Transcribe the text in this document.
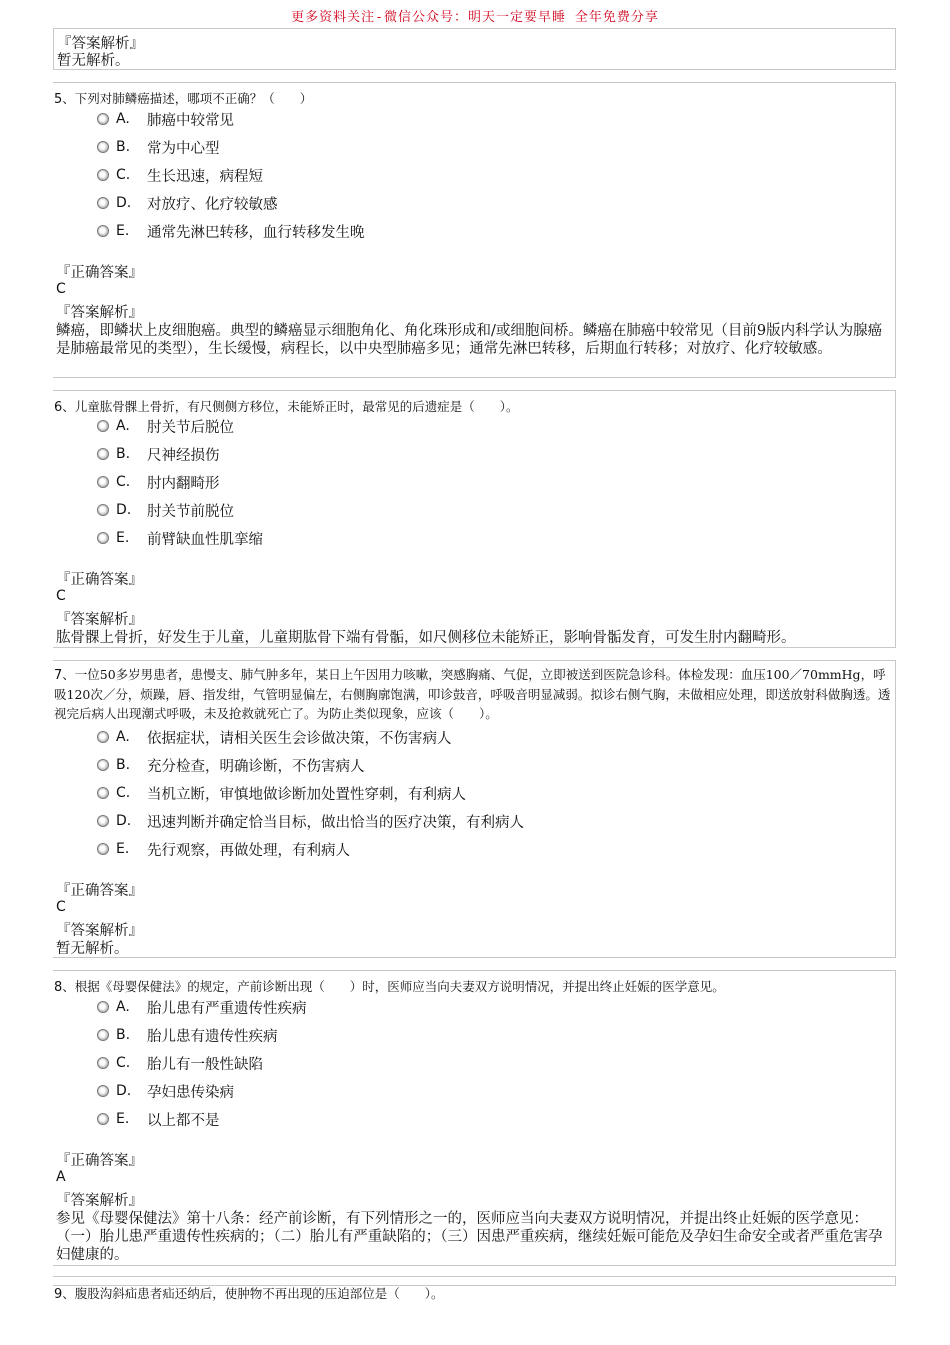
更多资料关注-微信公众号：明天一定要早睡 全年免费分享
『答案解析』
暂无解析。
5、下列对肺鳞癌描述，哪项不正确？（　　）
A.	肺癌中较常见
B.	常为中心型
C.	生长迅速，病程短
D.	对放疗、化疗较敏感
E.	通常先淋巴转移，血行转移发生晚
『正确答案』
C
『答案解析』
鳞癌，即鳞状上皮细胞癌。典型的鳞癌显示细胞角化、角化珠形成和/或细胞间桥。鳞癌在肺癌中较常见（目前9版内科学认为腺癌是肺癌最常见的类型），生长缓慢，病程长，以中央型肺癌多见；通常先淋巴转移，后期血行转移；对放疗、化疗较敏感。
6、儿童肱骨髁上骨折，有尺侧侧方移位，未能矫正时，最常见的后遗症是（　　）。
A.	肘关节后脱位
B.	尺神经损伤
C.	肘内翻畸形
D.	肘关节前脱位
E.	前臂缺血性肌挛缩
『正确答案』
C
『答案解析』
肱骨髁上骨折，好发生于儿童，儿童期肱骨下端有骨骺，如尺侧移位未能矫正，影响骨骺发育，可发生肘内翻畸形。
7、一位50多岁男患者，患慢支、肺气肿多年，某日上午因用力咳嗽，突感胸痛、气促，立即被送到医院急诊科。体检发现：血压100／70mmHg，呼吸120次／分，烦躁，唇、指发绀，气管明显偏左，右侧胸廓饱满，叩诊鼓音，呼吸音明显减弱。拟诊右侧气胸，未做相应处理，即送放射科做胸透。透视完后病人出现潮式呼吸，未及抢救就死亡了。为防止类似现象，应该（　　）。
A.	依据症状，请相关医生会诊做决策，不伤害病人
B.	充分检查，明确诊断，不伤害病人
C.	当机立断，审慎地做诊断加处置性穿刺，有利病人
D.	迅速判断并确定恰当目标，做出恰当的医疗决策，有利病人
E.	先行观察，再做处理，有利病人
『正确答案』
C
『答案解析』
暂无解析。
8、根据《母婴保健法》的规定，产前诊断出现（　　）时，医师应当向夫妻双方说明情况，并提出终止妊娠的医学意见。
A.	胎儿患有严重遗传性疾病
B.	胎儿患有遗传性疾病
C.	胎儿有一般性缺陷
D.	孕妇患传染病
E.	以上都不是
『正确答案』
A
『答案解析』
参见《母婴保健法》第十八条：经产前诊断，有下列情形之一的，医师应当向夫妻双方说明情况，并提出终止妊娠的医学意见：（一）胎儿患严重遗传性疾病的；（二）胎儿有严重缺陷的；（三）因患严重疾病，继续妊娠可能危及孕妇生命安全或者严重危害孕妇健康的。
9、腹股沟斜疝患者疝还纳后，使肿物不再出现的压迫部位是（　　）。
